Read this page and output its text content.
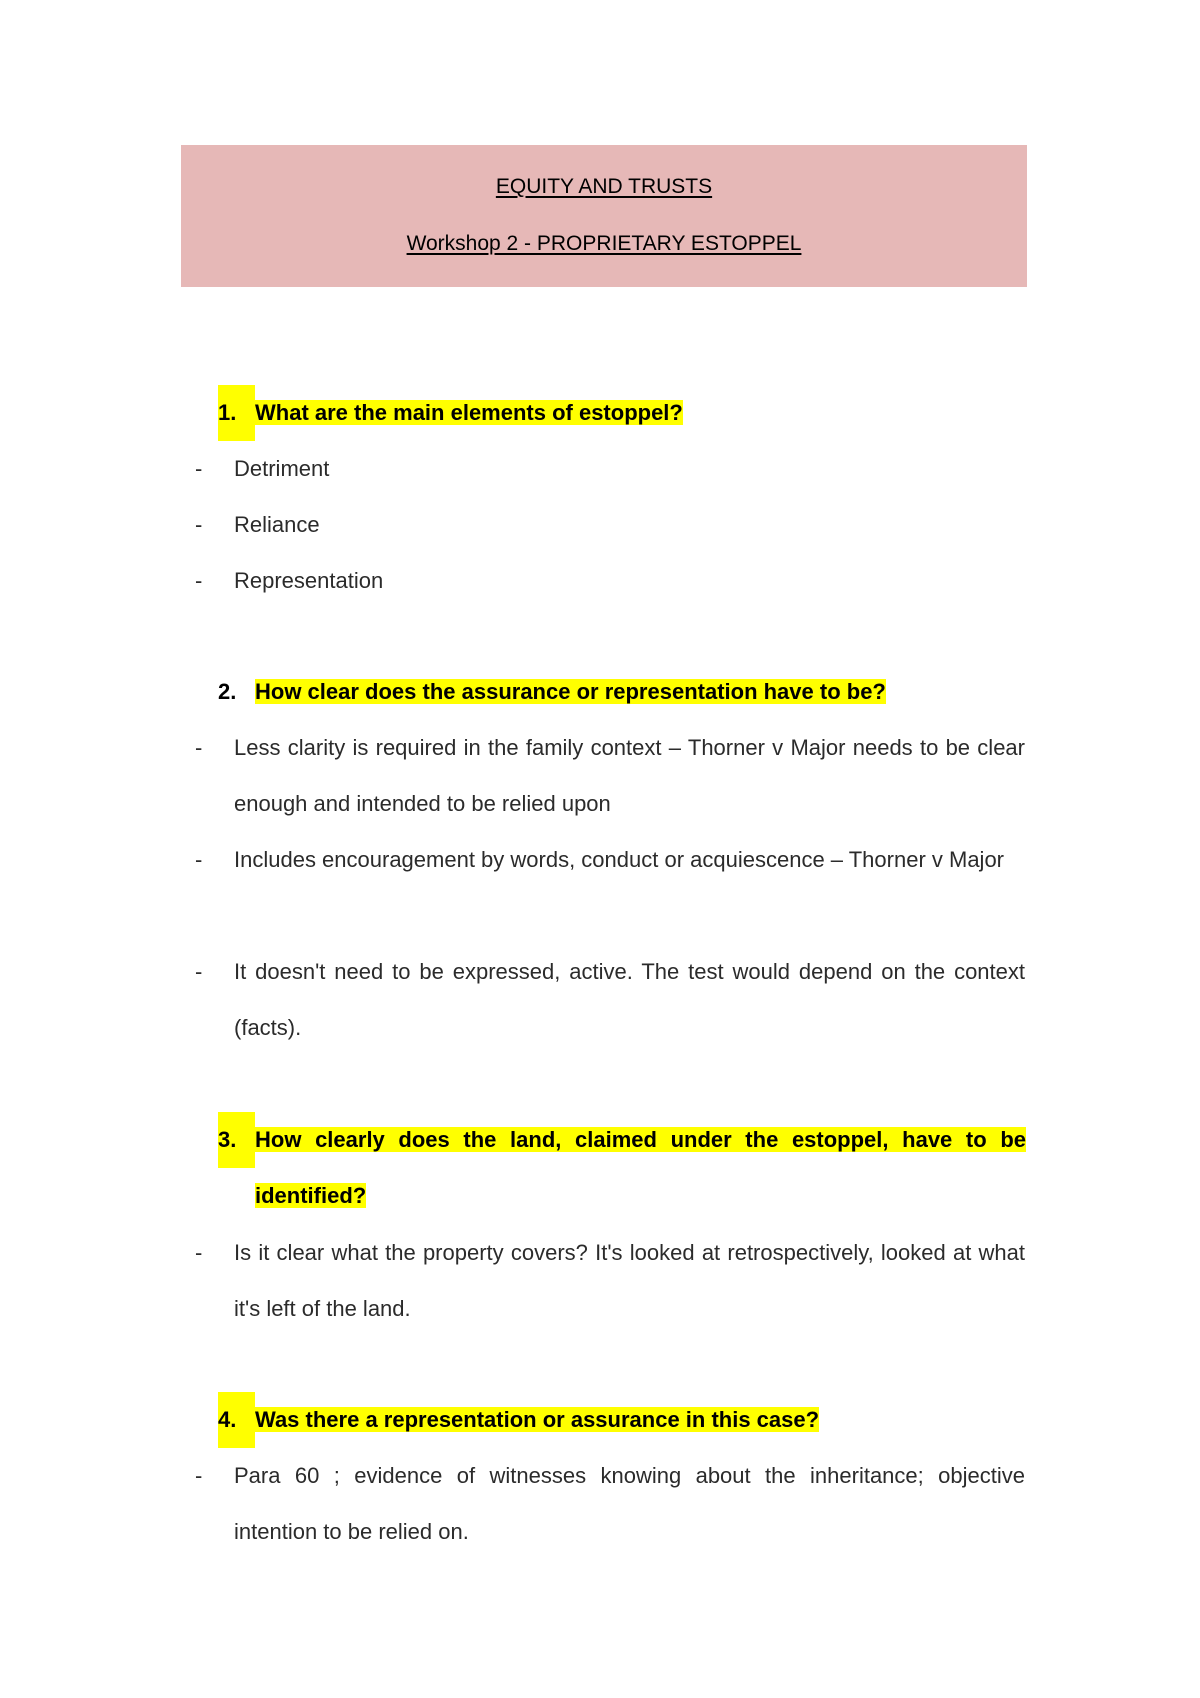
EQUITY AND TRUSTS
Workshop 2 - PROPRIETARY ESTOPPEL
1. What are the main elements of estoppel?
- Detriment
- Reliance
- Representation
2. How clear does the assurance or representation have to be?
- Less clarity is required in the family context – Thorner v Major needs to be clear enough and intended to be relied upon
- Includes encouragement by words, conduct or acquiescence – Thorner v Major
- It doesn't need to be expressed, active. The test would depend on the context (facts).
3. How clearly does the land, claimed under the estoppel, have to be identified?
- Is it clear what the property covers? It's looked at retrospectively, looked at what it's left of the land.
4. Was there a representation or assurance in this case?
- Para 60 ; evidence of witnesses knowing about the inheritance; objective intention to be relied on.
